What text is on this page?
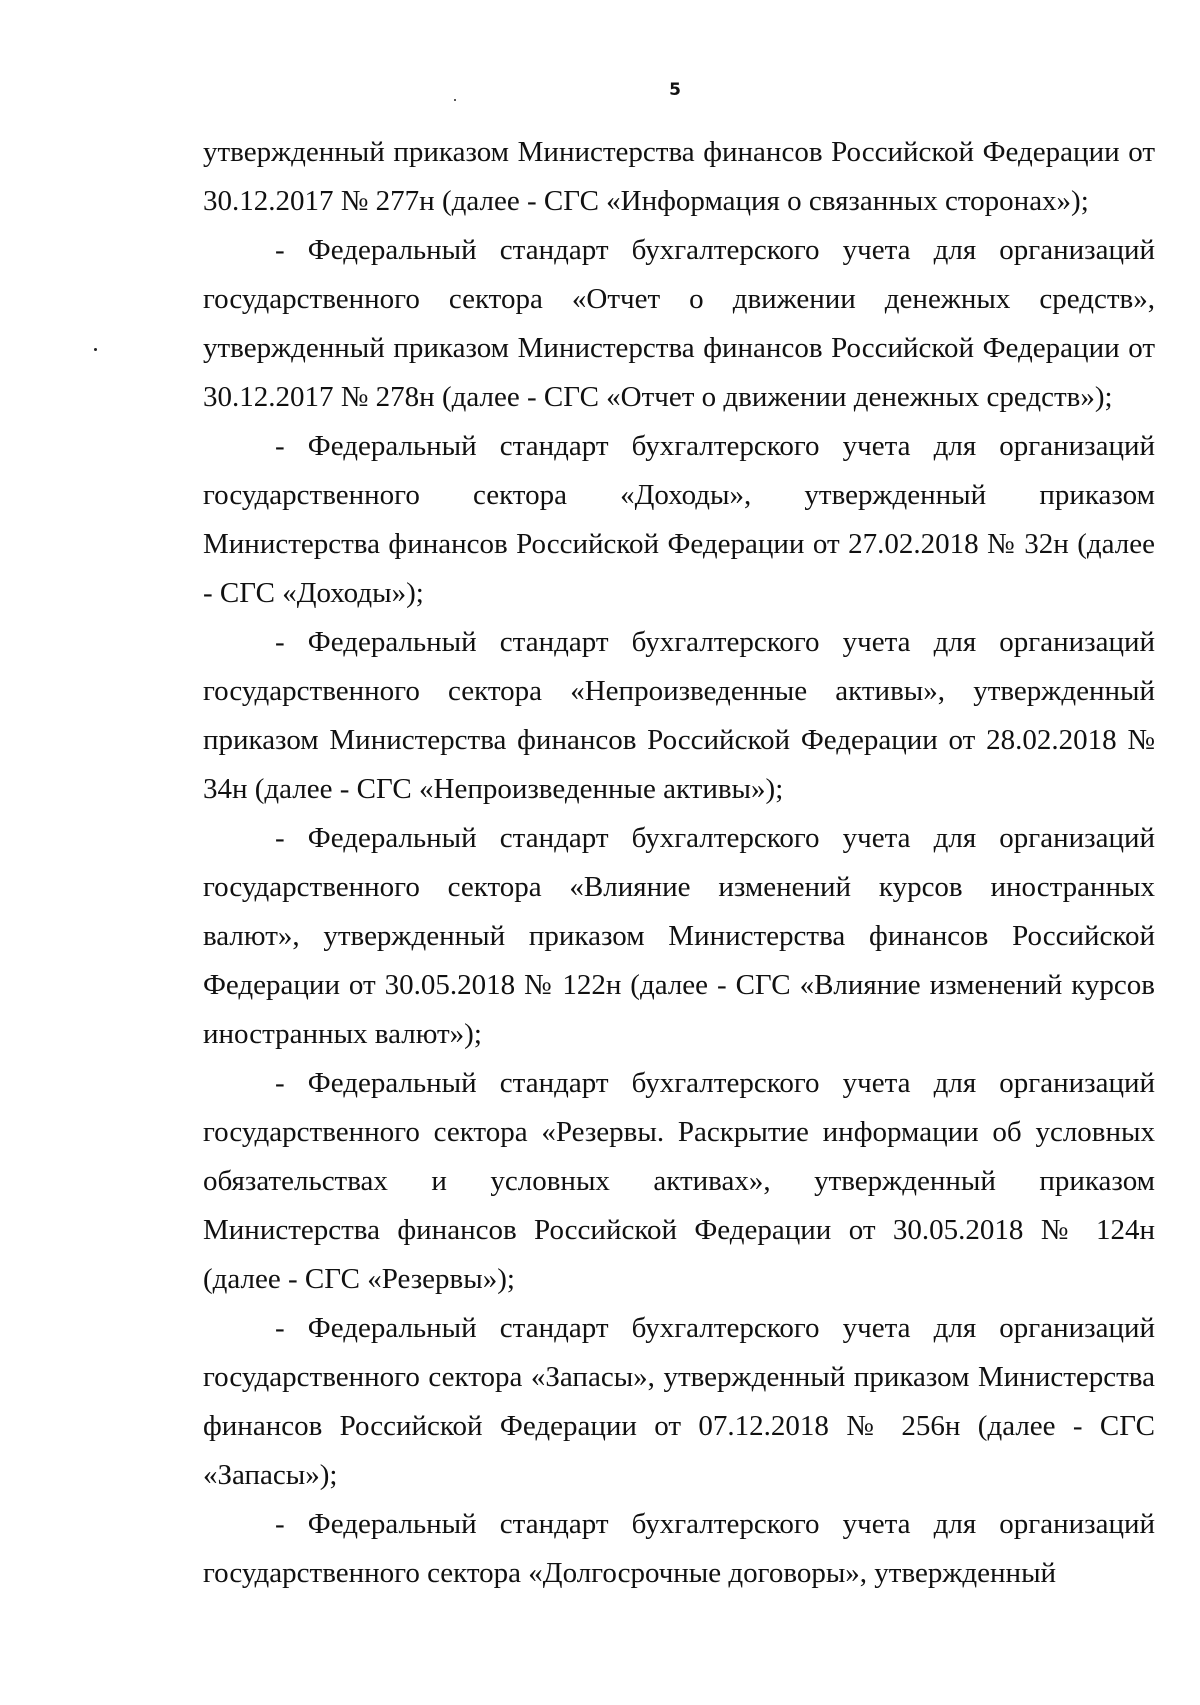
5

утвержденный приказом Министерства финансов Российской Федерации от 30.12.2017 № 277н (далее - СГС «Информация о связанных сторонах»);

- Федеральный стандарт бухгалтерского учета для организаций государственного сектора «Отчет о движении денежных средств», утвержденный приказом Министерства финансов Российской Федерации от 30.12.2017 № 278н (далее - СГС «Отчет о движении денежных средств»);

- Федеральный стандарт бухгалтерского учета для организаций государственного сектора «Доходы», утвержденный приказом Министерства финансов Российской Федерации от 27.02.2018 № 32н (далее - СГС «Доходы»);

- Федеральный стандарт бухгалтерского учета для организаций государственного сектора «Непроизведенные активы», утвержденный приказом Министерства финансов Российской Федерации от 28.02.2018 № 34н (далее - СГС «Непроизведенные активы»);

- Федеральный стандарт бухгалтерского учета для организаций государственного сектора «Влияние изменений курсов иностранных валют», утвержденный приказом Министерства финансов Российской Федерации от 30.05.2018 № 122н (далее - СГС «Влияние изменений курсов иностранных валют»);

- Федеральный стандарт бухгалтерского учета для организаций государственного сектора «Резервы. Раскрытие информации об условных обязательствах и условных активах», утвержденный приказом Министерства финансов Российской Федерации от 30.05.2018 № 124н (далее - СГС «Резервы»);

- Федеральный стандарт бухгалтерского учета для организаций государственного сектора «Запасы», утвержденный приказом Министерства финансов Российской Федерации от 07.12.2018 № 256н (далее - СГС «Запасы»);

- Федеральный стандарт бухгалтерского учета для организаций государственного сектора «Долгосрочные договоры», утвержденный
